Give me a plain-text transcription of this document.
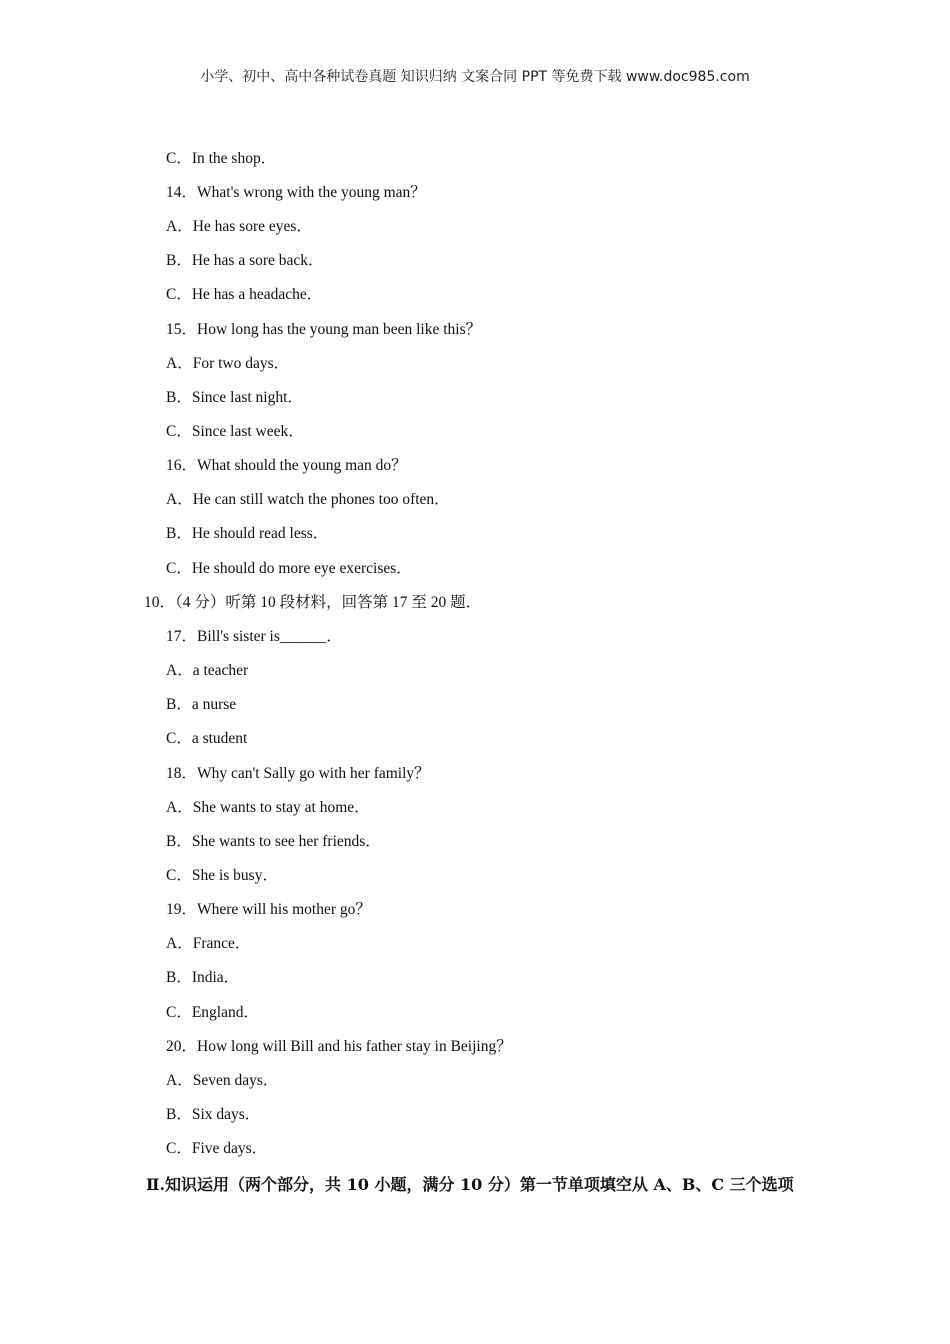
小学、初中、高中各种试卷真题 知识归纳 文案合同 PPT 等免费下载 www.doc985.com
C．In the shop．
14．What's wrong with the young man？
A．He has sore eyes．
B．He has a sore back．
C．He has a headache．
15．How long has the young man been like this？
A．For two days．
B．Since last night．
C．Since last week．
16．What should the young man do？
A．He can still watch the phones too often．
B．He should read less．
C．He should do more eye exercises．
10．（4 分）听第 10 段材料，回答第 17 至 20 题．
17．Bill's sister is______．
A．a teacher
B．a nurse
C．a student
18．Why can't Sally go with her family？
A．She wants to stay at home．
B．She wants to see her friends．
C．She is busy．
19．Where will his mother go？
A．France．
B．India．
C．England．
20．How long will Bill and his father stay in Beijing？
A．Seven days．
B．Six days．
C．Five days．
Ⅱ.知识运用（两个部分，共 10 小题，满分 10 分）第一节单项填空从 A、B、C 三个选项
